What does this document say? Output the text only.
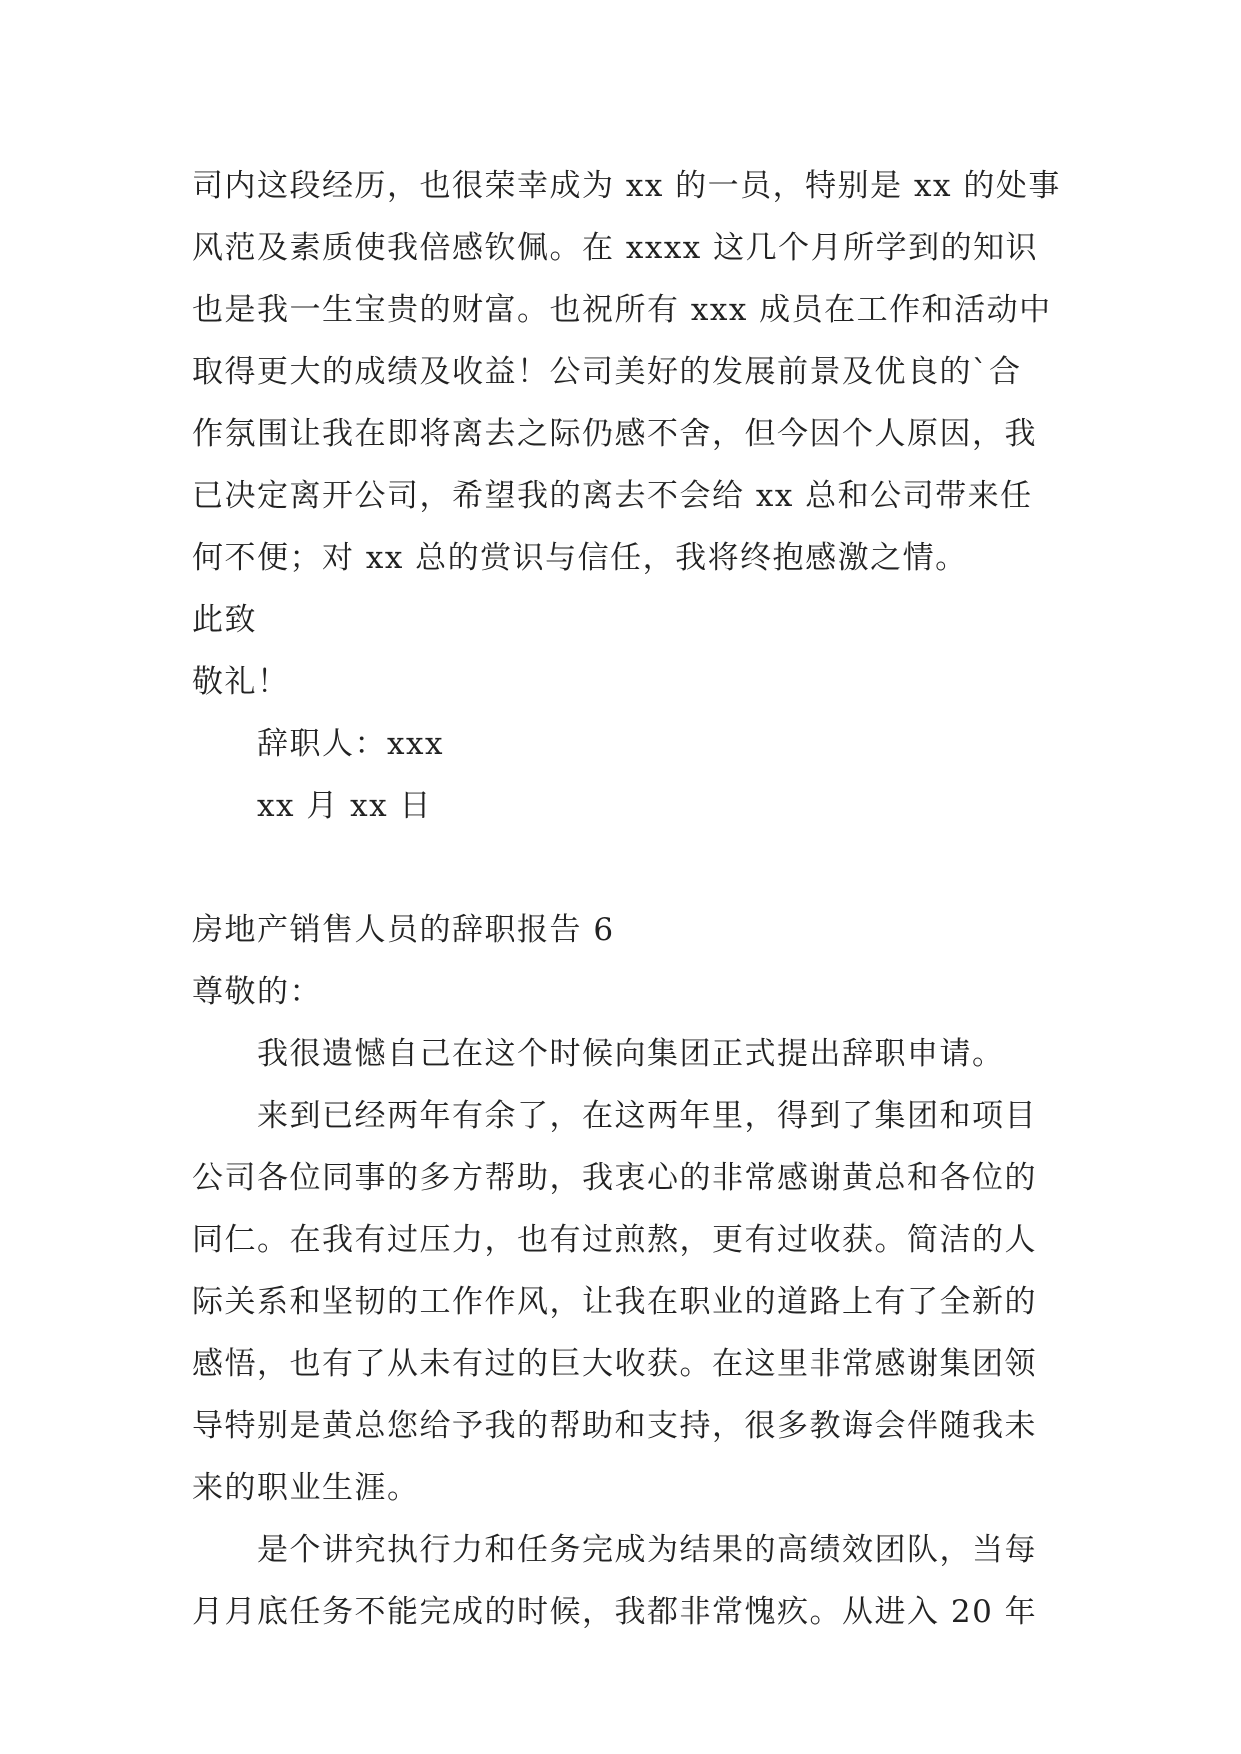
司内这段经历，也很荣幸成为 xx 的一员，特别是 xx 的处事
风范及素质使我倍感钦佩。在 xxxx 这几个月所学到的知识
也是我一生宝贵的财富。也祝所有 xxx 成员在工作和活动中
取得更大的成绩及收益！公司美好的发展前景及优良的`合
作氛围让我在即将离去之际仍感不舍，但今因个人原因，我
已决定离开公司，希望我的离去不会给 xx 总和公司带来任
何不便；对 xx 总的赏识与信任，我将终抱感激之情。
此致
敬礼！
辞职人：xxx
xx 月 xx 日
房地产销售人员的辞职报告 6
尊敬的：
我很遗憾自己在这个时候向集团正式提出辞职申请。
来到已经两年有余了，在这两年里，得到了集团和项目
公司各位同事的多方帮助，我衷心的非常感谢黄总和各位的
同仁。在我有过压力，也有过煎熬，更有过收获。简洁的人
际关系和坚韧的工作作风，让我在职业的道路上有了全新的
感悟，也有了从未有过的巨大收获。在这里非常感谢集团领
导特别是黄总您给予我的帮助和支持，很多教诲会伴随我未
来的职业生涯。
是个讲究执行力和任务完成为结果的高绩效团队，当每
月月底任务不能完成的时候，我都非常愧疚。从进入 20 年
